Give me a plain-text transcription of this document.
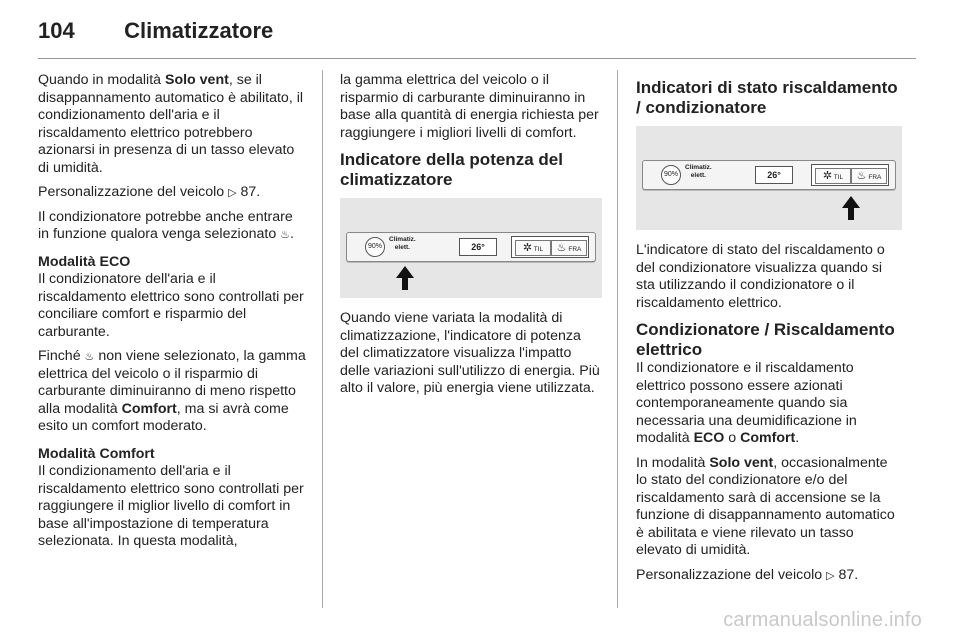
104 Climatizzatore

Quando in modalità Solo vent, se il disappannamento automatico è abilitato, il condizionamento dell'aria e il riscaldamento elettrico potrebbero azionarsi in presenza di un tasso elevato di umidità.

Personalizzazione del veicolo ▷ 87.

Il condizionatore potrebbe anche entrare in funzione qualora venga selezionato ♨.

Modalità ECO

Il condizionatore dell'aria e il riscaldamento elettrico sono controllati per conciliare comfort e risparmio del carburante.

Finché ♨ non viene selezionato, la gamma elettrica del veicolo o il risparmio di carburante diminuiranno di meno rispetto alla modalità Comfort, ma si avrà come esito un comfort moderato.

Modalità Comfort

Il condizionamento dell'aria e il riscaldamento elettrico sono controllati per raggiungere il miglior livello di comfort in base all'impostazione di temperatura selezionata. In questa modalità,

la gamma elettrica del veicolo o il risparmio di carburante diminuiranno in base alla quantità di energia richiesta per raggiungere i migliori livelli di comfort.

Indicatore della potenza del climatizzatore
90%
Climatiz.
elett.	26°	✲ TIL	♨ FRA

Quando viene variata la modalità di climatizzazione, l'indicatore di potenza del climatizzatore visualizza l'impatto delle variazioni sull'utilizzo di energia. Più alto il valore, più energia viene utilizzata.

Indicatori di stato riscaldamento / condizionatore
90%
Climatiz.
elett.	26°	✲ TIL	♨ FRA

L'indicatore di stato del riscaldamento o del condizionatore visualizza quando si sta utilizzando il condizionatore o il riscaldamento elettrico.

Condizionatore / Riscaldamento elettrico

Il condizionatore e il riscaldamento elettrico possono essere azionati contemporaneamente quando sia necessaria una deumidificazione in modalità ECO o Comfort.

In modalità Solo vent, occasionalmente lo stato del condizionatore e/o del riscaldamento sarà di accensione se la funzione di disappannamento automatico è abilitata e viene rilevato un tasso elevato di umidità.

Personalizzazione del veicolo ▷ 87.

carmanualsonline.info
